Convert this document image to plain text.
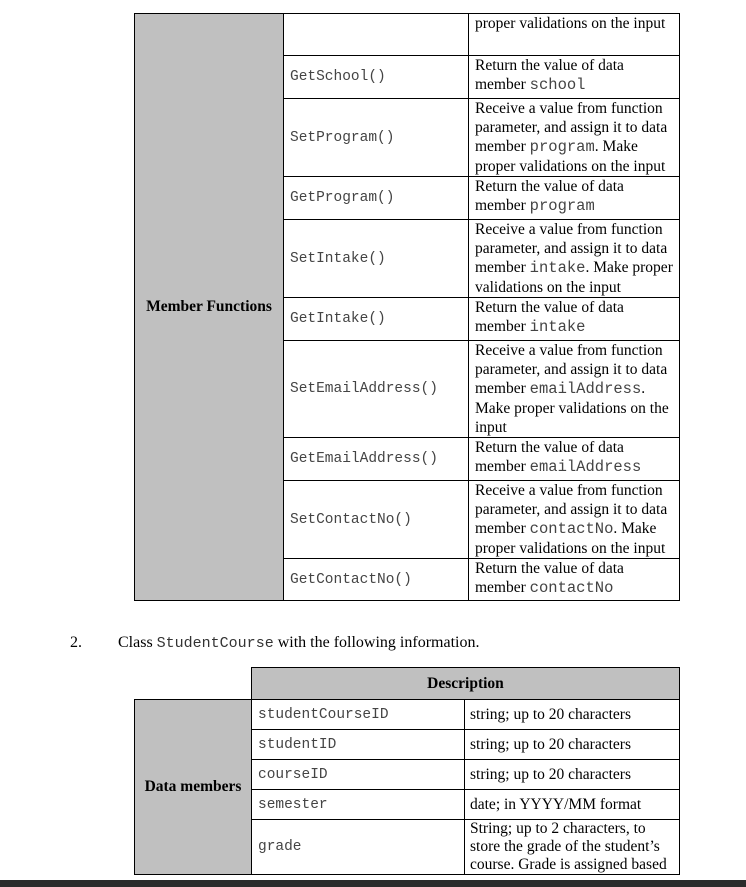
Member Functions		proper validations on the input
	GetSchool()	Return the value of data member school
	SetProgram()	Receive a value from function parameter, and assign it to data member program. Make proper validations on the input
	GetProgram()	Return the value of data member program
	SetIntake()	Receive a value from function parameter, and assign it to data member intake. Make proper validations on the input
	GetIntake()	Return the value of data member intake
	SetEmailAddress()	Receive a value from function parameter, and assign it to data member emailAddress. Make proper validations on the input
	GetEmailAddress()	Return the value of data member emailAddress
	SetContactNo()	Receive a value from function parameter, and assign it to data member contactNo. Make proper validations on the input
	GetContactNo()	Return the value of data member contactNo
2. Class StudentCourse with the following information.
	Description	
Data members	studentCourseID	string; up to 20 characters
	studentID	string; up to 20 characters
	courseID	string; up to 20 characters
	semester	date; in YYYY/MM format
	grade	String; up to 2 characters, to store the grade of the student’s course. Grade is assigned based
